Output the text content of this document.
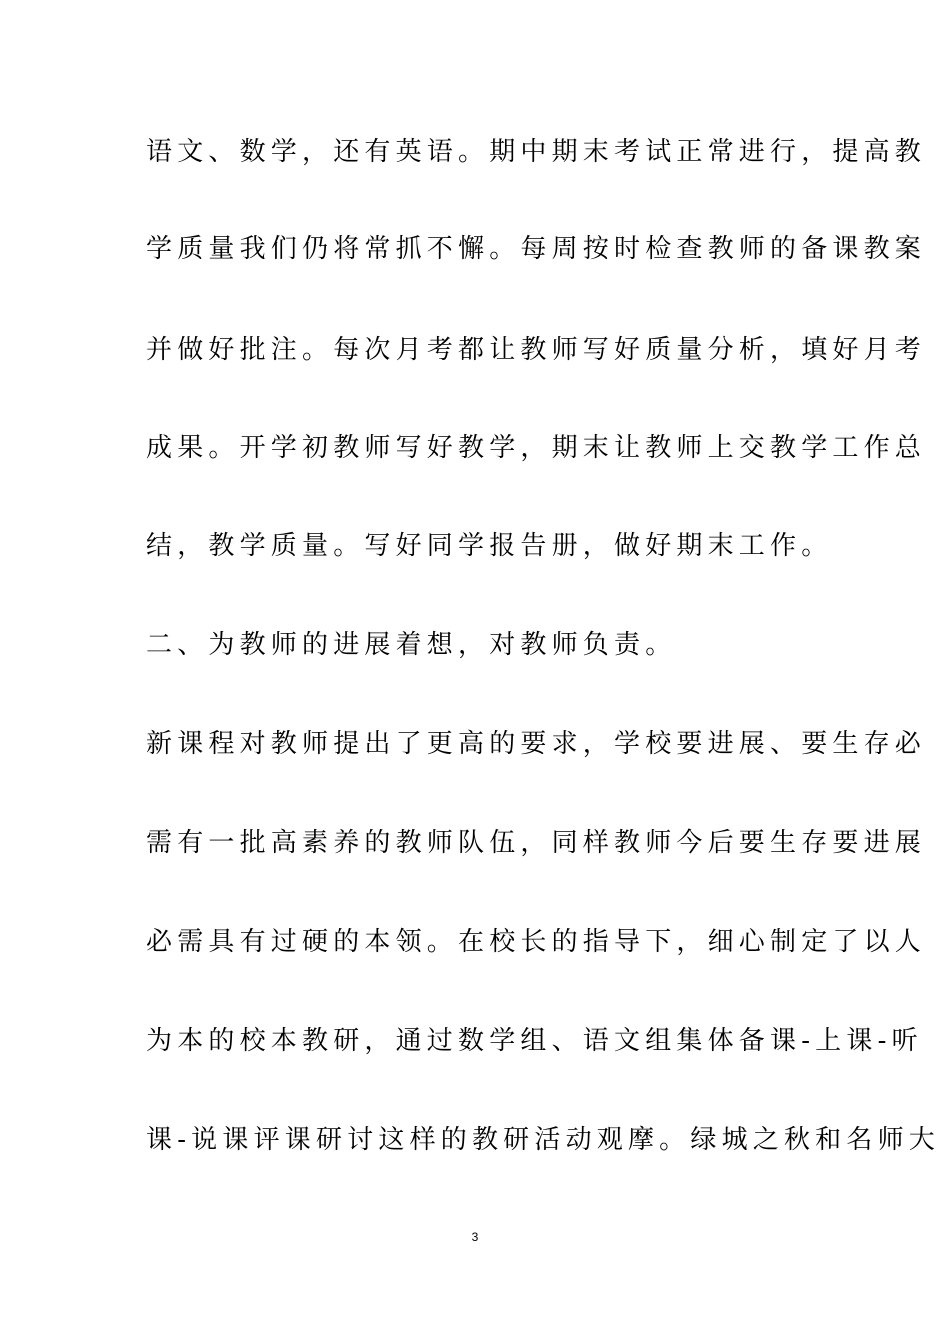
语文、数学，还有英语。期中期末考试正常进行，提高教
学质量我们仍将常抓不懈。每周按时检查教师的备课教案
并做好批注。每次月考都让教师写好质量分析，填好月考
成果。开学初教师写好教学，期末让教师上交教学工作总
结，教学质量。写好同学报告册，做好期末工作。
二、为教师的进展着想，对教师负责。
新课程对教师提出了更高的要求，学校要进展、要生存必
需有一批高素养的教师队伍，同样教师今后要生存要进展
必需具有过硬的本领。在校长的指导下，细心制定了以人
为本的校本教研，通过数学组、语文组集体备课-上课-听
课-说课评课研讨这样的教研活动观摩。绿城之秋和名师大
3
